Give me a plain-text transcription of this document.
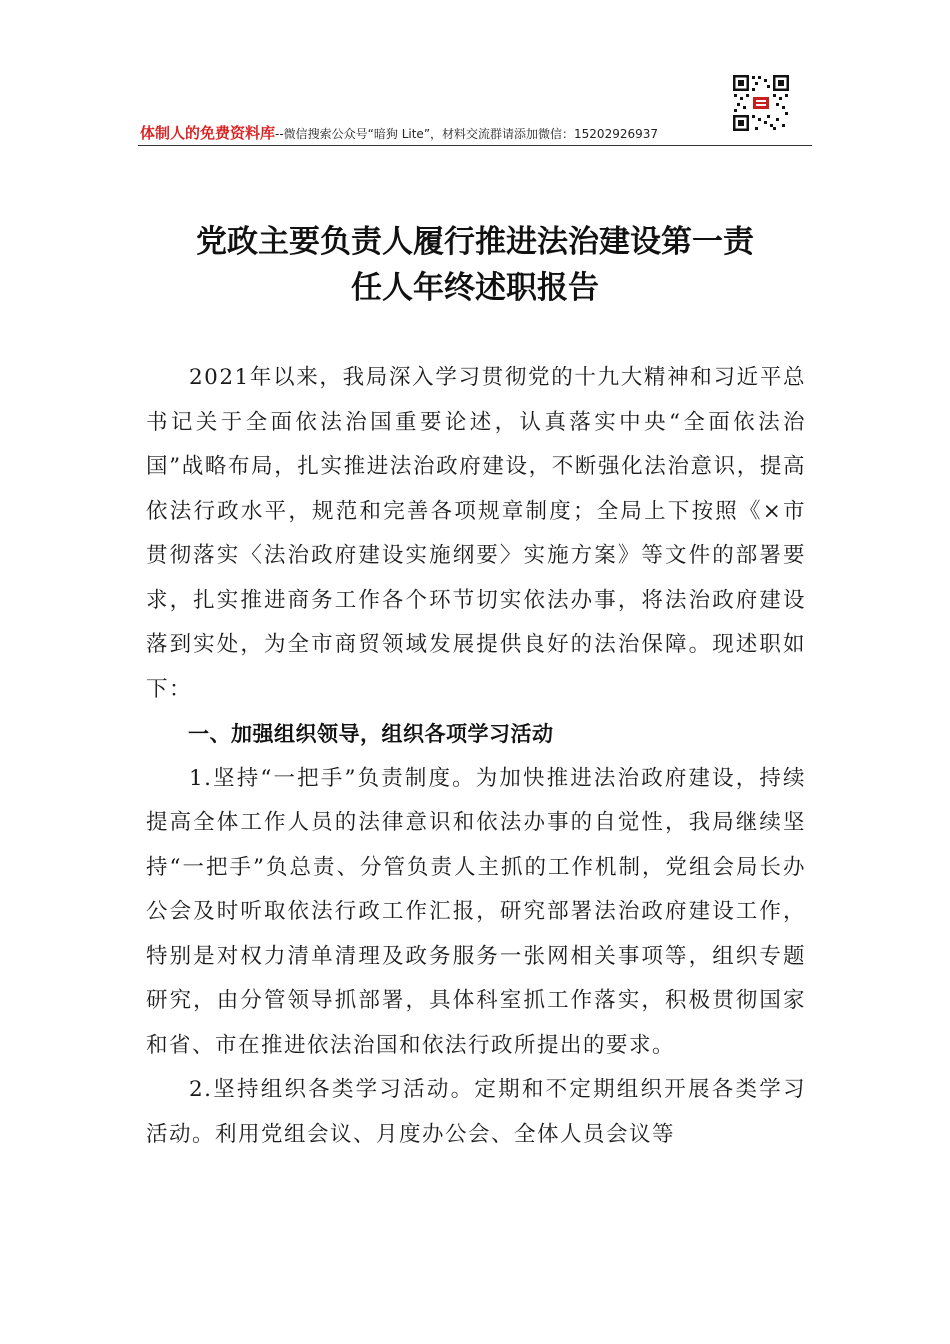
体制人的免费资料库--微信搜索公众号“暗狗 Lite”，材料交流群请添加微信：15202926937
党政主要负责人履行推进法治建设第一责
任人年终述职报告

2021年以来，我局深入学习贯彻党的十九大精神和习近平总书记关于全面依法治国重要论述，认真落实中央“全面依法治国”战略布局，扎实推进法治政府建设，不断强化法治意识，提高依法行政水平，规范和完善各项规章制度；全局上下按照《×市贯彻落实〈法治政府建设实施纲要〉实施方案》等文件的部署要求，扎实推进商务工作各个环节切实依法办事，将法治政府建设落到实处，为全市商贸领域发展提供良好的法治保障。现述职如下：

一、加强组织领导，组织各项学习活动

1.坚持“一把手”负责制度。为加快推进法治政府建设，持续提高全体工作人员的法律意识和依法办事的自觉性，我局继续坚持“一把手”负总责、分管负责人主抓的工作机制，党组会局长办公会及时听取依法行政工作汇报，研究部署法治政府建设工作，特别是对权力清单清理及政务服务一张网相关事项等，组织专题研究，由分管领导抓部署，具体科室抓工作落实，积极贯彻国家和省、市在推进依法治国和依法行政所提出的要求。

2.坚持组织各类学习活动。定期和不定期组织开展各类学习活动。利用党组会议、月度办公会、全体人员会议等
